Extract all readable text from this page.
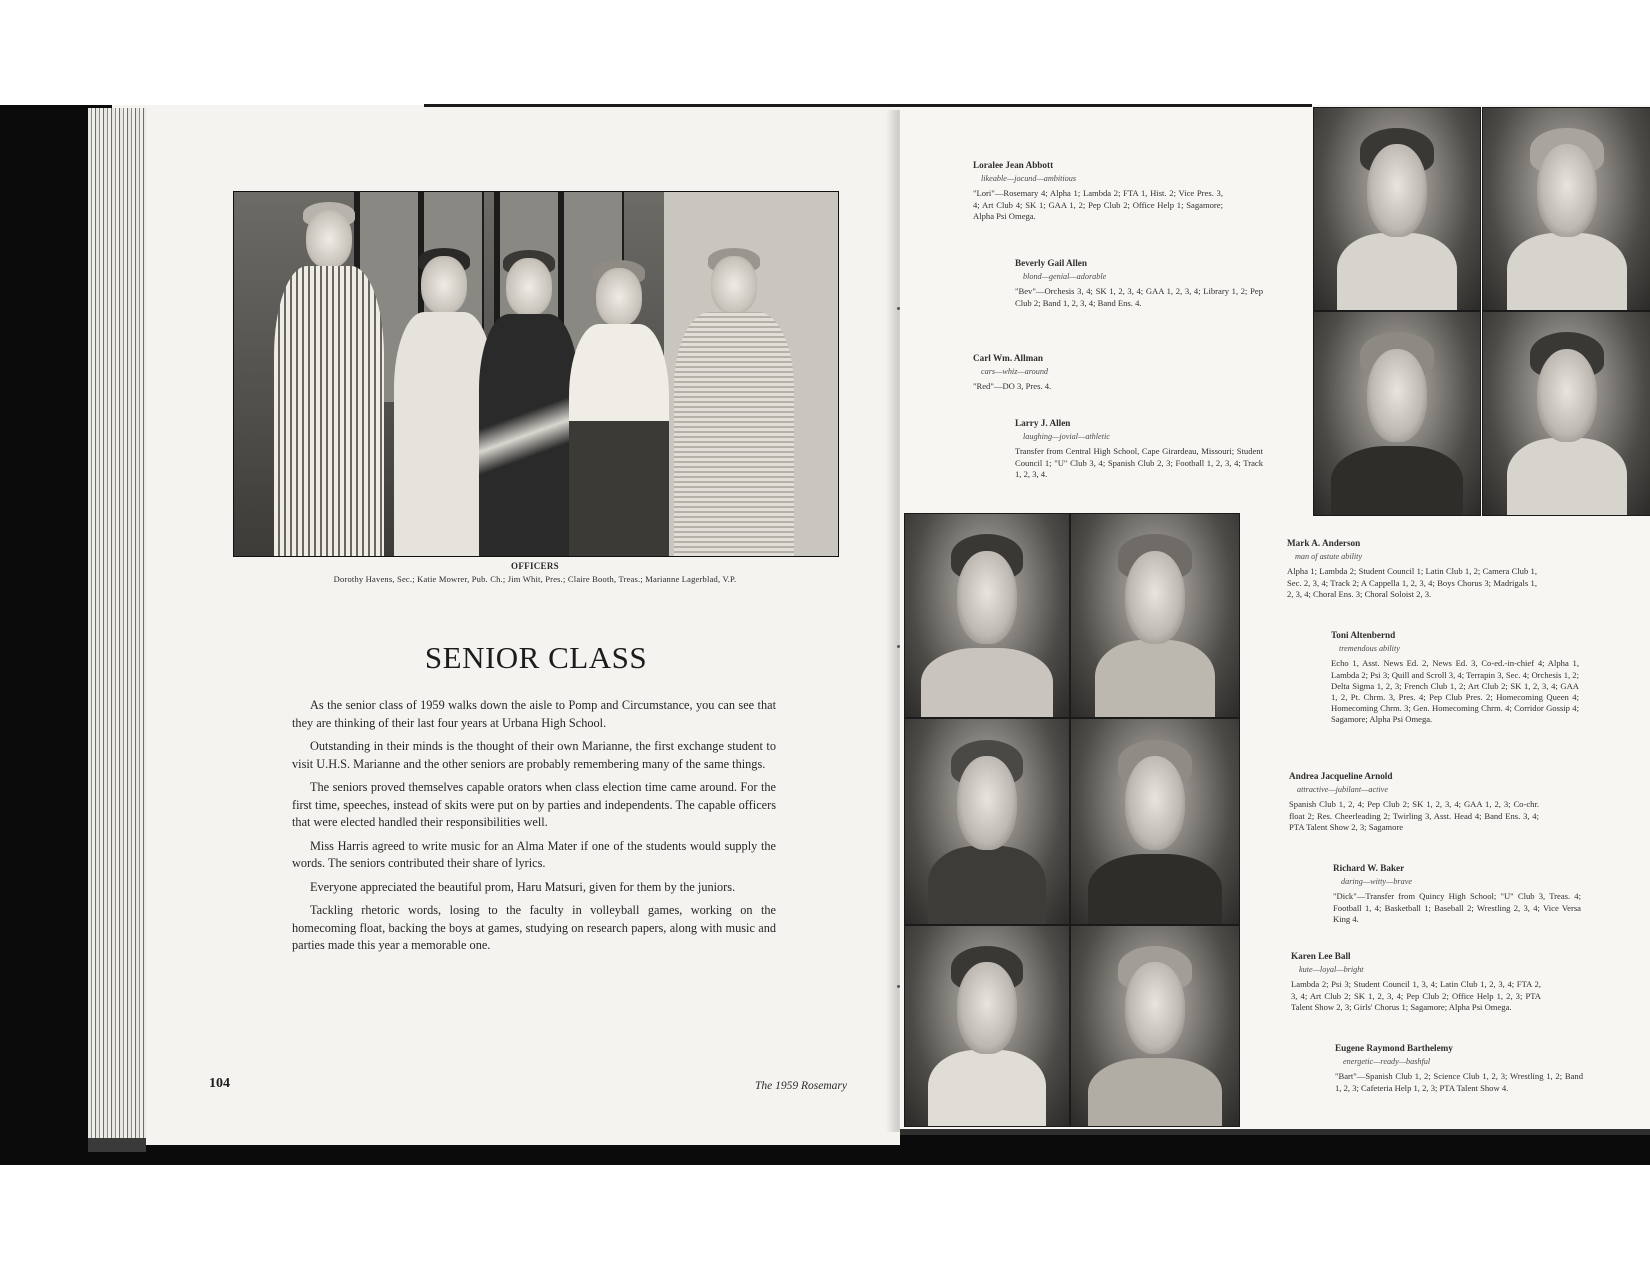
OFFICERS
Dorothy Havens, Sec.; Katie Mowrer, Pub. Ch.; Jim Whit, Pres.; Claire Booth, Treas.; Marianne Lagerblad, V.P.
SENIOR CLASS

As the senior class of 1959 walks down the aisle to Pomp and Circumstance, you can see that they are thinking of their last four years at Urbana High School.

Outstanding in their minds is the thought of their own Marianne, the first exchange student to visit U.H.S. Marianne and the other seniors are probably remembering many of the same things.

The seniors proved themselves capable orators when class election time came around. For the first time, speeches, instead of skits were put on by parties and independents. The capable officers that were elected handled their responsibilities well.

Miss Harris agreed to write music for an Alma Mater if one of the students would supply the words. The seniors contributed their share of lyrics.

Everyone appreciated the beautiful prom, Haru Matsuri, given for them by the juniors.

Tackling rhetoric words, losing to the faculty in volleyball games, working on the homecoming float, backing the boys at games, studying on research papers, along with music and parties made this year a memorable one.

104	The 1959 Rosemary
Loralee Jean Abbott
likeable—jocund—ambitious
"Lori"—Rosemary 4; Alpha 1; Lambda 2; FTA 1, Hist. 2; Vice Pres. 3, 4; Art Club 4; SK 1; GAA 1, 2; Pep Club 2; Office Help 1; Sagamore; Alpha Psi Omega.
Beverly Gail Allen
blond—genial—adorable
"Bev"—Orchesis 3, 4; SK 1, 2, 3, 4; GAA 1, 2, 3, 4; Library 1, 2; Pep Club 2; Band 1, 2, 3, 4; Band Ens. 4.
Carl Wm. Allman
cars—whiz—around
"Red"—DO 3, Pres. 4.
Larry J. Allen
laughing—jovial—athletic
Transfer from Central High School, Cape Girardeau, Missouri; Student Council 1; "U" Club 3, 4; Spanish Club 2, 3; Football 1, 2, 3, 4; Track 1, 2, 3, 4.
Mark A. Anderson
man of astute ability
Alpha 1; Lambda 2; Student Council 1; Latin Club 1, 2; Camera Club 1, Sec. 2, 3, 4; Track 2; A Cappella 1, 2, 3, 4; Boys Chorus 3; Madrigals 1, 2, 3, 4; Choral Ens. 3; Choral Soloist 2, 3.
Toni Altenbernd
tremendous ability
Echo 1, Asst. News Ed. 2, News Ed. 3, Co-ed.-in-chief 4; Alpha 1, Lambda 2; Psi 3; Quill and Scroll 3, 4; Terrapin 3, Sec. 4; Orchesis 1, 2; Delta Sigma 1, 2, 3; French Club 1, 2; Art Club 2; SK 1, 2, 3, 4; GAA 1, 2, Pt. Chrm. 3, Pres. 4; Pep Club Pres. 2; Homecoming Queen 4; Homecoming Chrm. 3; Gen. Homecoming Chrm. 4; Corridor Gossip 4; Sagamore; Alpha Psi Omega.
Andrea Jacqueline Arnold
attractive—jubilant—active
Spanish Club 1, 2, 4; Pep Club 2; SK 1, 2, 3, 4; GAA 1, 2, 3; Co-chr. float 2; Res. Cheerleading 2; Twirling 3, Asst. Head 4; Band Ens. 3, 4; PTA Talent Show 2, 3; Sagamore
Richard W. Baker
daring—witty—brave
"Dick"—Transfer from Quincy High School; "U" Club 3, Treas. 4; Football 1, 4; Basketball 1; Baseball 2; Wrestling 2, 3, 4; Vice Versa King 4.
Karen Lee Ball
kute—loyal—bright
Lambda 2; Psi 3; Student Council 1, 3, 4; Latin Club 1, 2, 3, 4; FTA 2, 3, 4; Art Club 2; SK 1, 2, 3, 4; Pep Club 2; Office Help 1, 2, 3; PTA Talent Show 2, 3; Girls' Chorus 1; Sagamore; Alpha Psi Omega.
Eugene Raymond Barthelemy
energetic—ready—bashful
"Bart"—Spanish Club 1, 2; Science Club 1, 2, 3; Wrestling 1, 2; Band 1, 2, 3; Cafeteria Help 1, 2, 3; PTA Talent Show 4.
